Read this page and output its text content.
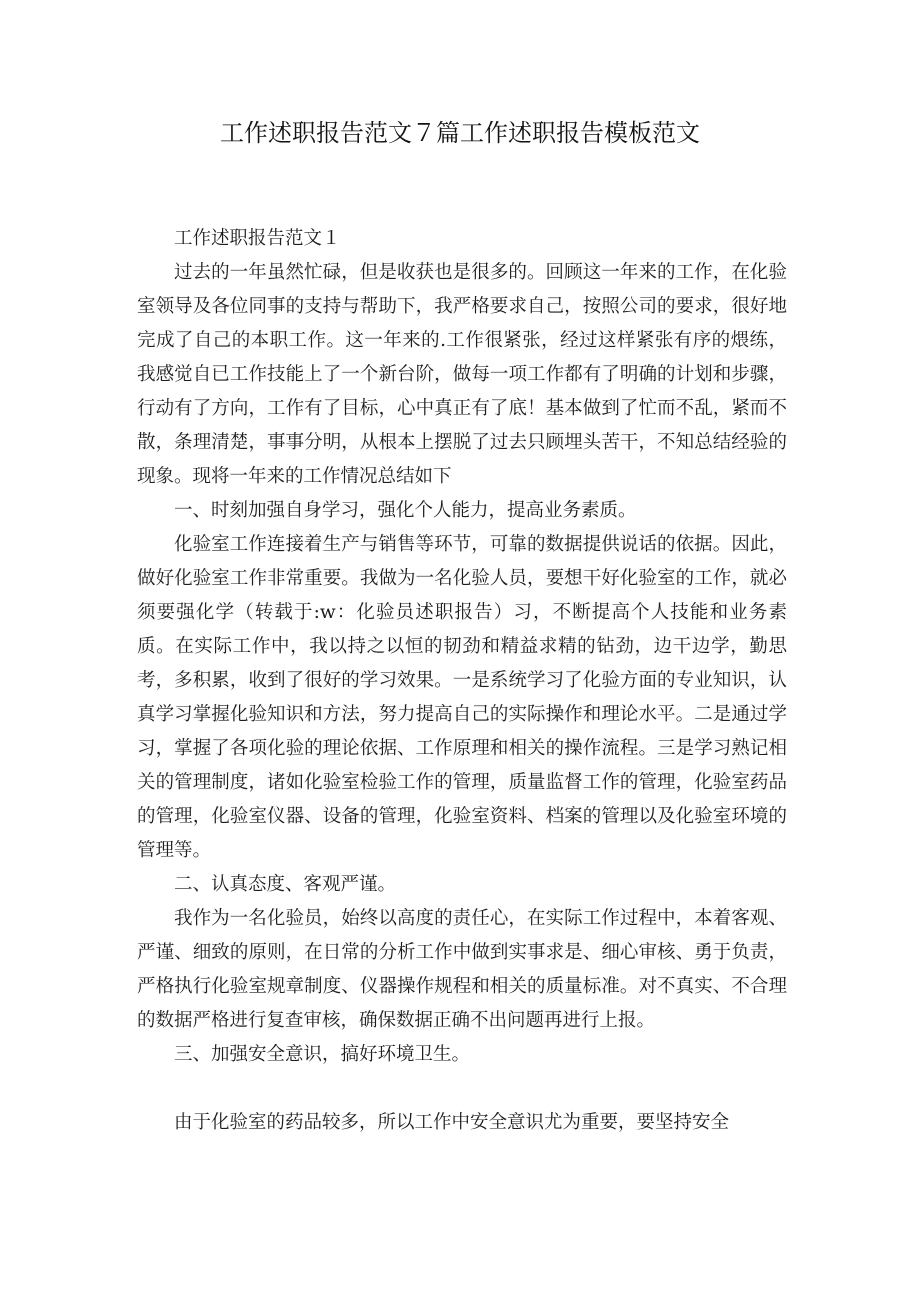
工作述职报告范文７篇工作述职报告模板范文

工作述职报告范文１

过去的一年虽然忙碌，但是收获也是很多的。回顾这一年来的工作，在化验室领导及各位同事的支持与帮助下，我严格要求自己，按照公司的要求，很好地完成了自己的本职工作。这一年来的.工作很紧张，经过这样紧张有序的煨练，我感觉自已工作技能上了一个新台阶，做每一项工作都有了明确的计划和步骤，行动有了方向，工作有了目标，心中真正有了底！基本做到了忙而不乱，紧而不散，条理清楚，事事分明，从根本上摆脱了过去只顾埋头苦干，不知总结经验的现象。现将一年来的工作情况总结如下

一、时刻加强自身学习，强化个人能力，提高业务素质。

化验室工作连接着生产与销售等环节，可靠的数据提供说话的依据。因此，做好化验室工作非常重要。我做为一名化验人员，要想干好化验室的工作，就必须要强化学（转载于:w：化验员述职报告）习，不断提高个人技能和业务素质。在实际工作中，我以持之以恒的韧劲和精益求精的钻劲，边干边学，勤思考，多积累，收到了很好的学习效果。一是系统学习了化验方面的专业知识，认真学习掌握化验知识和方法，努力提高自己的实际操作和理论水平。二是通过学习，掌握了各项化验的理论依据、工作原理和相关的操作流程。三是学习熟记相关的管理制度，诸如化验室检验工作的管理，质量监督工作的管理，化验室药品的管理，化验室仪器、设备的管理，化验室资料、档案的管理以及化验室环境的管理等。

二、认真态度、客观严谨。

我作为一名化验员，始终以高度的责任心，在实际工作过程中，本着客观、严谨、细致的原则，在日常的分析工作中做到实事求是、细心审核、勇于负责，严格执行化验室规章制度、仪器操作规程和相关的质量标准。对不真实、不合理的数据严格进行复查审核，确保数据正确不出问题再进行上报。

三、加强安全意识，搞好环境卫生。

由于化验室的药品较多，所以工作中安全意识尤为重要，要坚持安全
